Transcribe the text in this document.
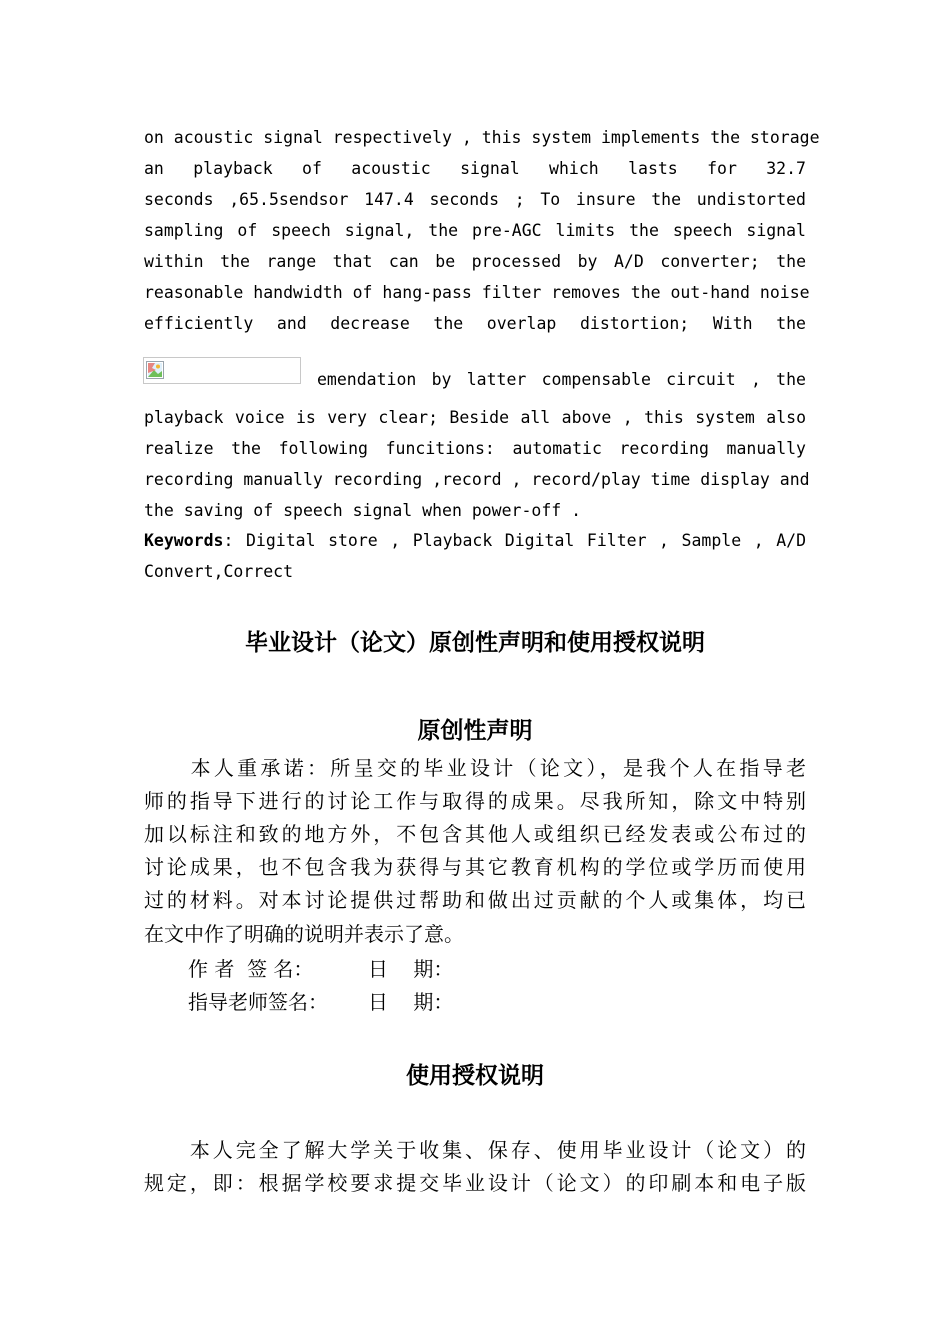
on acoustic signal respectively , this system implements the storage
an playback of acoustic signal which lasts for 32.7
seconds ,65.5sendsor 147.4 seconds ; To insure the undistorted
sampling of speech signal, the pre-AGC limits the speech signal
within the range that can be processed by A/D converter; the
reasonable handwidth of hang-pass filter removes the out-hand noise
efficiently and decrease the overlap distortion; With the
emendation by latter compensable circuit , the
playback voice is very clear; Beside all above , this system also
realize the following funcitions: automatic recording manually
recording manually recording ,record , record/play time display and
the saving of speech signal when power-off .
Keywords: Digital store , Playback Digital Filter , Sample , A/D
Convert,Correct
毕业设计（论文）原创性声明和使用授权说明
原创性声明
　　本人重承诺：所呈交的毕业设计（论文），是我个人在指导老
师的指导下进行的讨论工作与取得的成果。尽我所知，除文中特别
加以标注和致的地方外，不包含其他人或组织已经发表或公布过的
讨论成果，也不包含我为获得与其它教育机构的学位或学历而使用
过的材料。对本讨论提供过帮助和做出过贡献的个人或集体，均已
在文中作了明确的说明并表示了意。
作 者  签 名：	日    期：
指导老师签名： 日    期：
使用授权说明
　　本人完全了解大学关于收集、保存、使用毕业设计（论文）的
规定，即：根据学校要求提交毕业设计（论文）的印刷本和电子版
